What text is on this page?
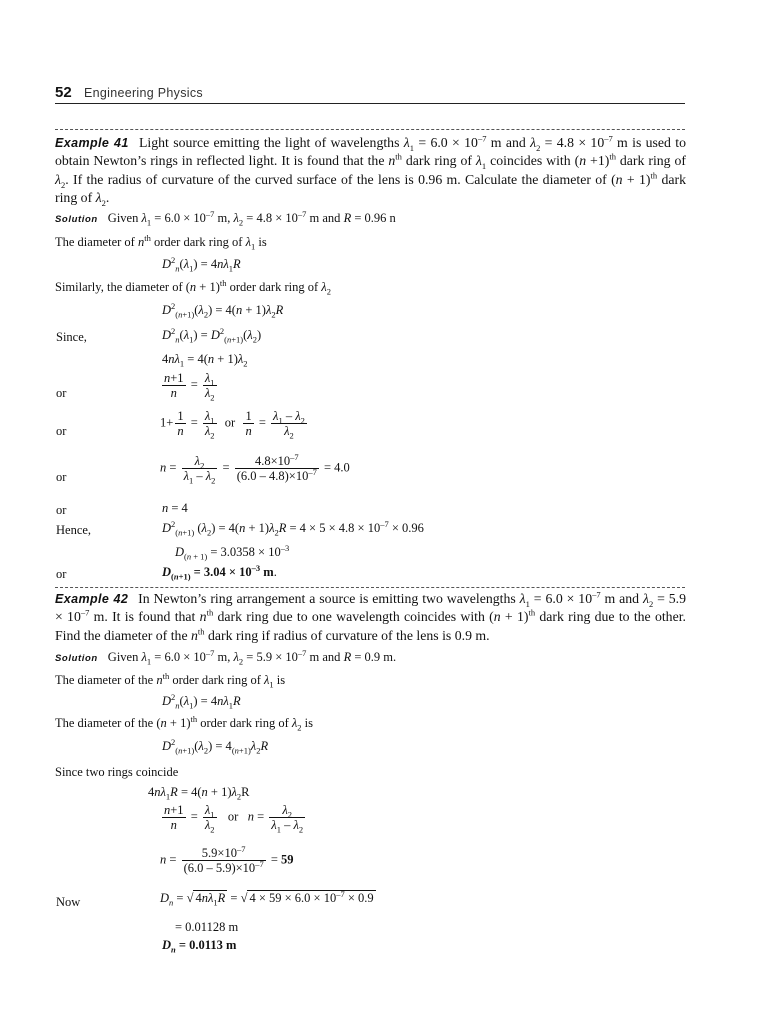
52 Engineering Physics
Example 41 Light source emitting the light of wavelengths $\lambda_1 = 6.0 \times 10^{-7}$ m and $\lambda_2 = 4.8 \times 10^{-7}$ m is used to obtain Newton’s rings in reflected light. It is found that the $n^{th}$ dark ring of $\lambda_1$ coincides with $(n +1)^{th}$ dark ring of $\lambda_2$. If the radius of curvature of the curved surface of the lens is 0.96 m. Calculate the diameter of $(n + 1)^{th}$ dark ring of $\lambda_2$.
Solution Given $\lambda_1 = 6.0 \times 10^{-7}$ m, $\lambda_2 = 4.8 \times 10^{-7}$ m and R = 0.96 n
The diameter of $n^{th}$ order dark ring of $\lambda_1$ is
$D^2_n(\lambda_1) = 4n\lambda_1R$
Similarly, the diameter of $(n + 1)^{th}$ order dark ring of $\lambda_2$
$D^2_{(n+1)}(\lambda_2) = 4(n + 1)\lambda_2R$
Since,	$D^2_n(\lambda_1) = D^2_{(n+1)}(\lambda_2)$
$4n\lambda_1 = 4(n + 1)\lambda_2$
or	$\frac{n+1}{n} = \frac{\lambda_1}{\lambda_2}$
or
$1+ \frac{1}{n} = \frac{\lambda_1}{\lambda_2}$ or $\frac{1}{n} = \frac{\lambda_1 - \lambda_2}{\lambda_2}$
or
$n = \frac{\lambda_2}{\lambda_1 - \lambda_2} = \frac{4.8\times 10^{-7}}{(6.0 - 4.8)\times 10^{-7}} = 4.0$
or	n = 4
Hence,	$D^2_{(n+1)}$ $(\lambda_2) = 4(n + 1)\lambda_2R = 4 \times 5 \times 4.8 \times 10^{-7} \times 0.96$
$D_{(n + 1)} = 3.0358 \times 10^{-3}$
or	$D_{(n+1)} = 3.04 \times 10^{-3}$ m.
Example 42 In Newton’s ring arrangement a source is emitting two wavelengths $\lambda_1 = 6.0 \times 10^{-7}$ m and $\lambda_2 = 5.9 \times 10^{-7}$ m. It is found that $n^{th}$ dark ring due to one wavelength coincides with $(n + 1)^{th}$ dark ring due to the other. Find the diameter of the $n^{th}$ dark ring if radius of curvature of the lens is 0.9 m.
Solution Given $\lambda_1 = 6.0 \times 10^{-7}$ m, $\lambda_2 = 5.9 \times 10^{-7}$ m and R = 0.9 m.
The diameter of the $n^{th}$ order dark ring of $\lambda_1$ is
$D^2_n(\lambda_1) = 4n\lambda_1R$
The diameter of the $(n + 1)^{th}$ order dark ring of $\lambda_2$ is
$D^2_{(n+1)}(\lambda_2) = 4_{(n+1)}\lambda_2R$
Since two rings coincide
$4n\lambda_1R = 4(n + 1)\lambda_2R$
$\frac{n+1}{n} = \frac{\lambda_1}{\lambda_2}$ or   $n = \frac{\lambda_2}{\lambda_1 - \lambda_2}$
$n = \frac{5.9\times 10^{-7}}{(6.0 - 5.9)\times 10^{-7}} = 59$
Now	$D_n$ = √ $4n\lambda_1R$ = √ $4 \times 59 \times 6.0 \times 10^{-7} \times 0.9$
= 0.01128 m
$D_n = 0.0113$ m
